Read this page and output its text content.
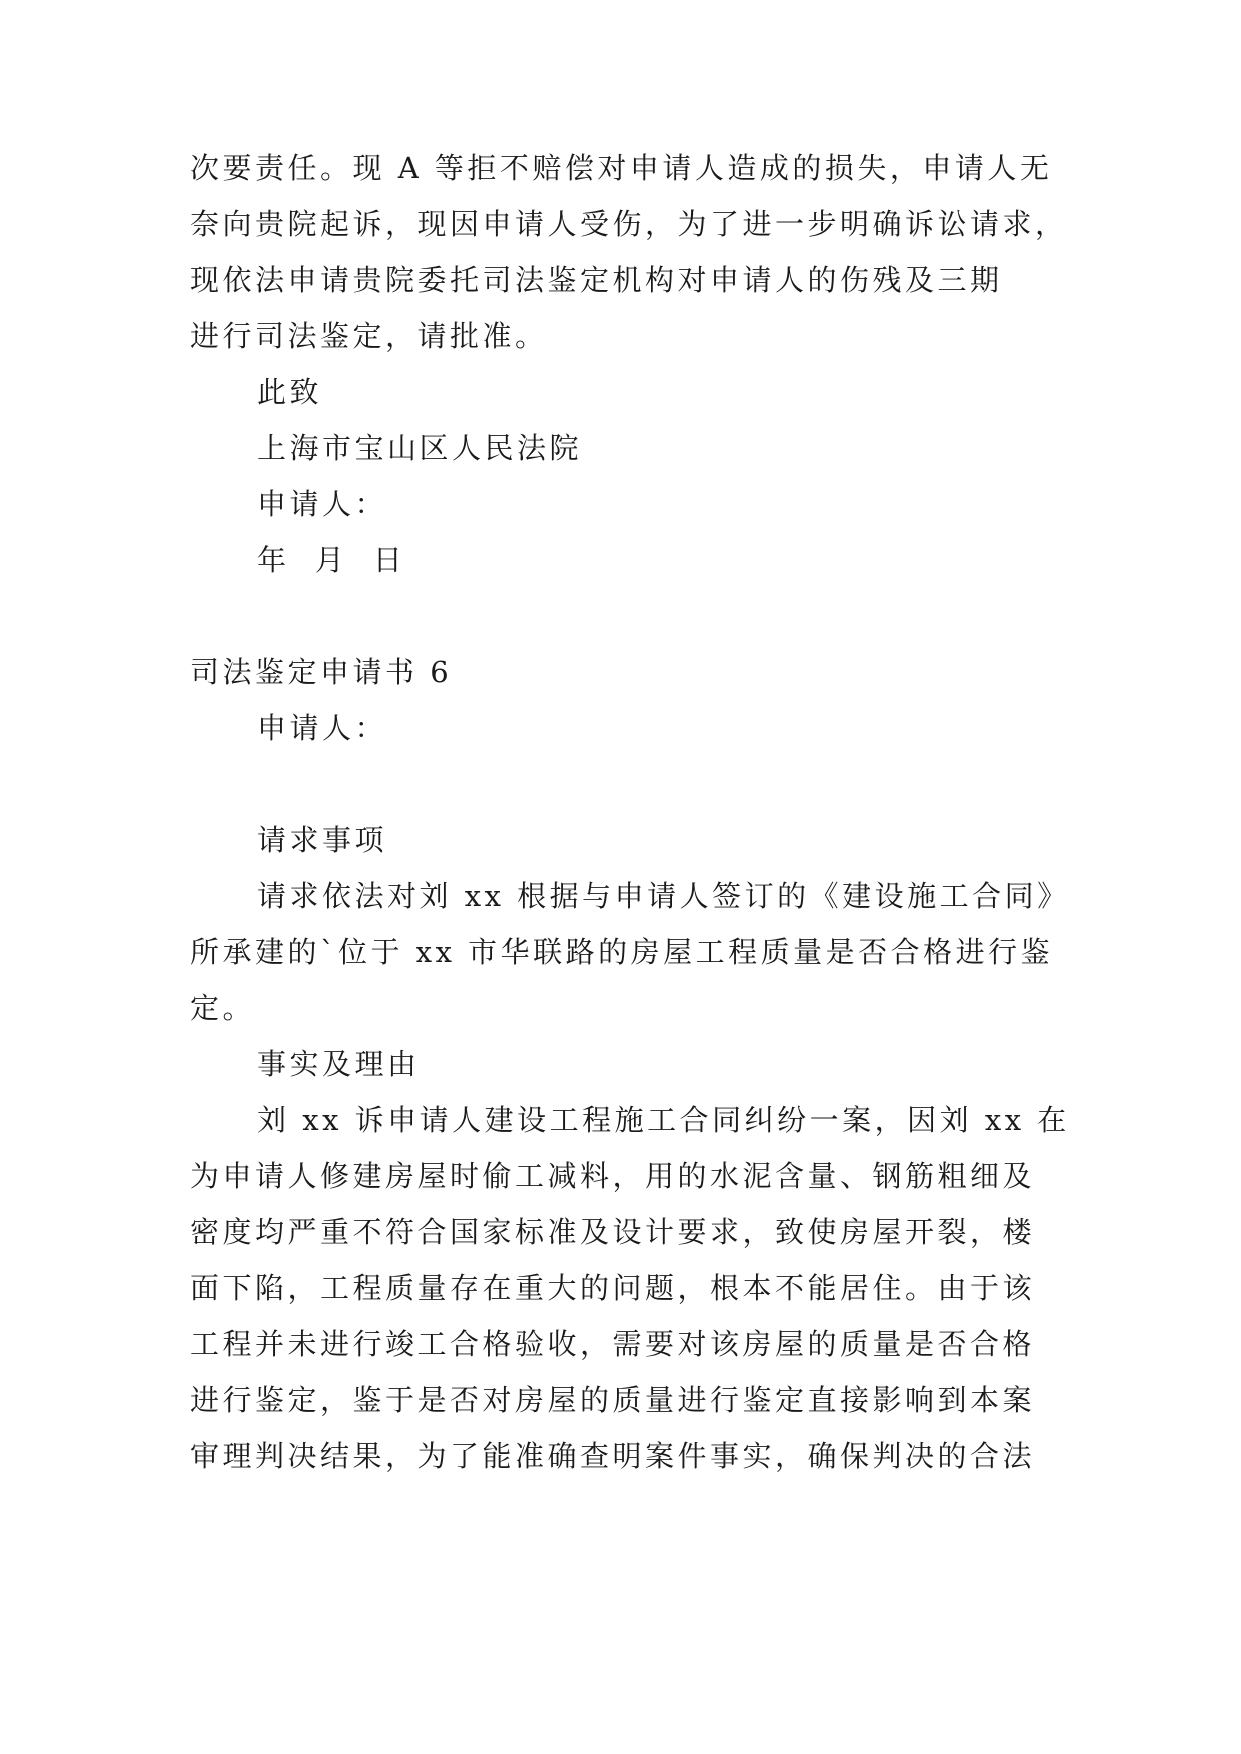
次要责任。现 A 等拒不赔偿对申请人造成的损失，申请人无
奈向贵院起诉，现因申请人受伤，为了进一步明确诉讼请求，
现依法申请贵院委托司法鉴定机构对申请人的伤残及三期
进行司法鉴定，请批准。
此致
上海市宝山区人民法院
申请人：
年  月  日
司法鉴定申请书 6
申请人：
请求事项
请求依法对刘 xx 根据与申请人签订的《建设施工合同》
所承建的`位于 xx 市华联路的房屋工程质量是否合格进行鉴
定。
事实及理由
刘 xx 诉申请人建设工程施工合同纠纷一案，因刘 xx 在
为申请人修建房屋时偷工减料，用的水泥含量、钢筋粗细及
密度均严重不符合国家标准及设计要求，致使房屋开裂，楼
面下陷，工程质量存在重大的问题，根本不能居住。由于该
工程并未进行竣工合格验收，需要对该房屋的质量是否合格
进行鉴定，鉴于是否对房屋的质量进行鉴定直接影响到本案
审理判决结果，为了能准确查明案件事实，确保判决的合法
